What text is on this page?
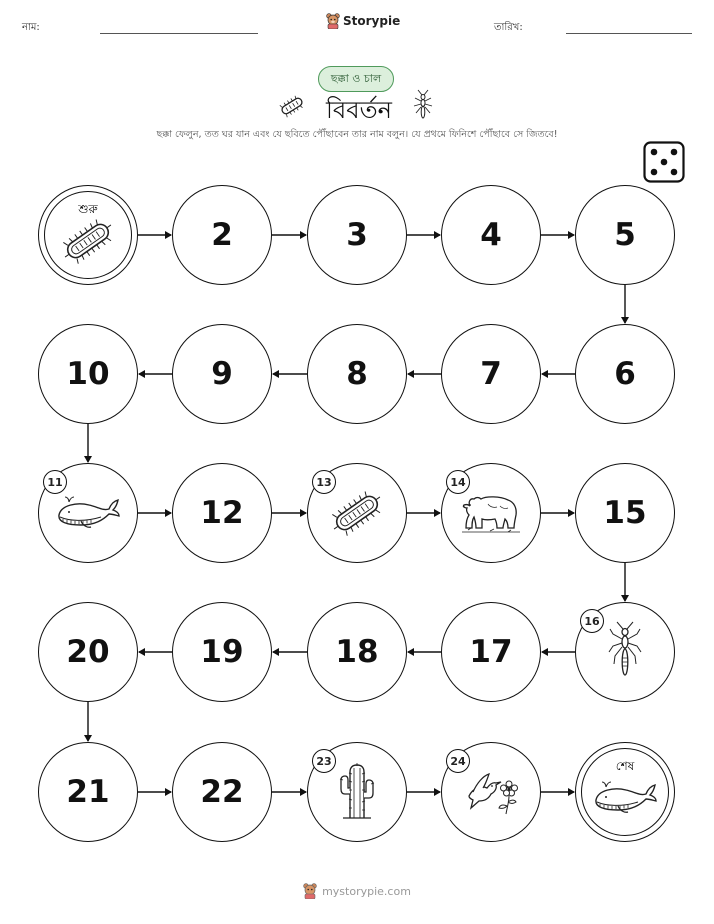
নাম:	Storypie	তারিখ:
ছক্কা ও চাল
বিবর্তন
ছক্কা ফেলুন, তত ঘর যান এবং যে ছবিতে পৌঁছাবেন তার নাম বলুন। যে প্রথমে ফিনিশে পৌঁছাবে সে জিতবে!
শুরু
2	3	4	5
6
7
8
9
10
11
12
13	14
15
16
17
18
19
20
21	22
23	24	শেষ
mystorypie.com
